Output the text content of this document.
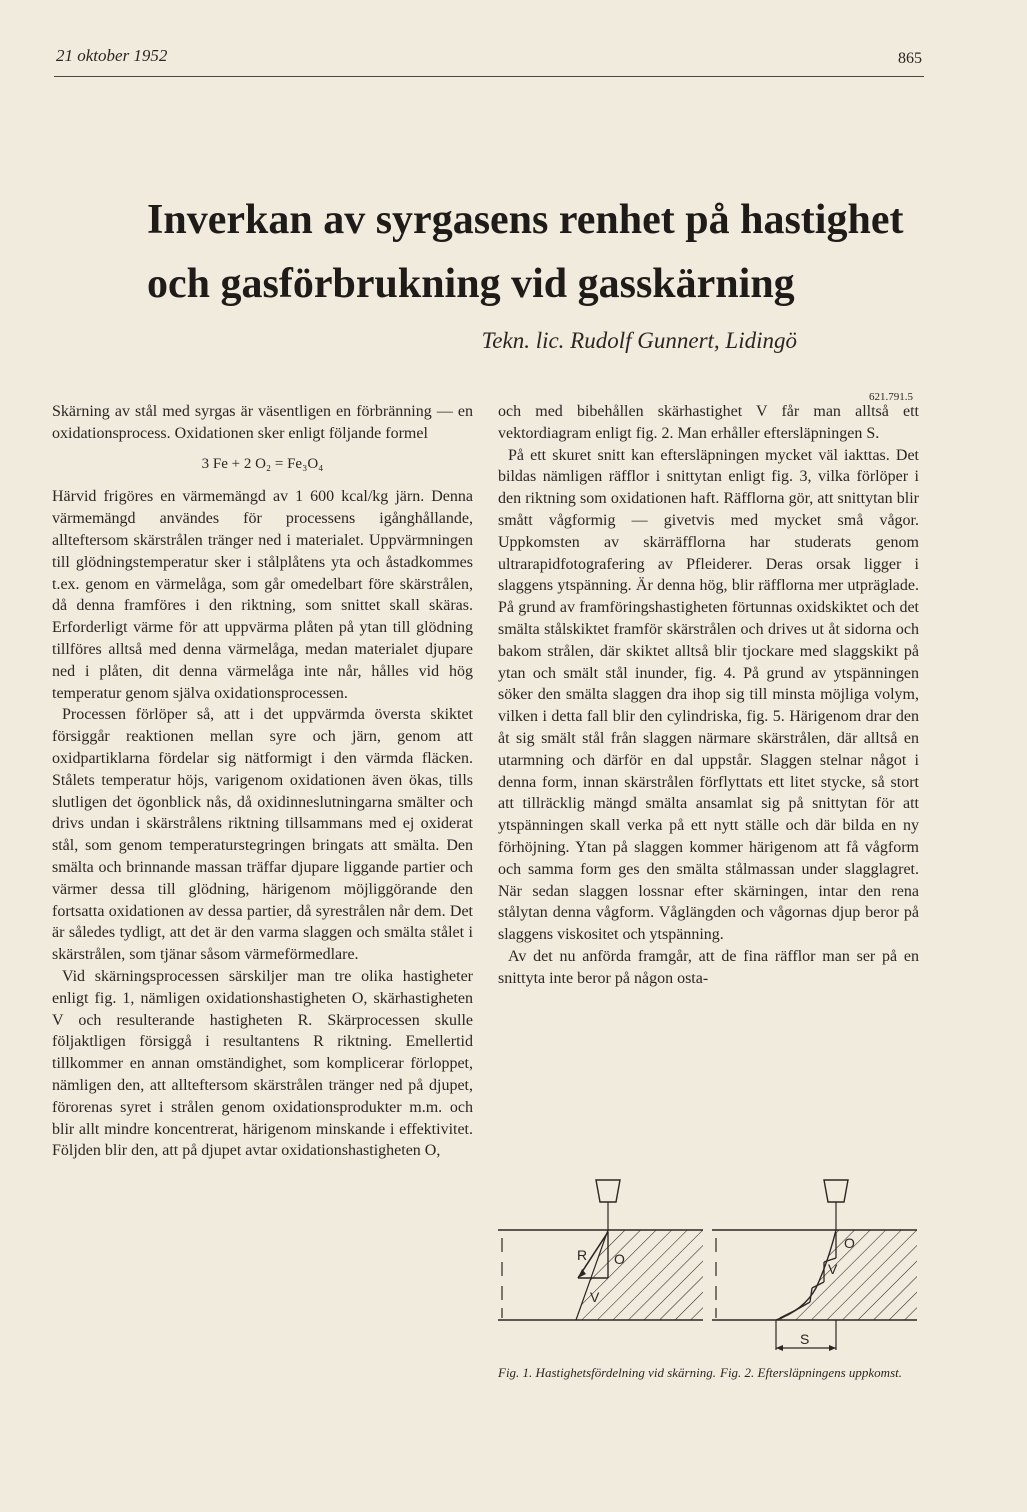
21 oktober 1952	865
Inverkan av syrgasens renhet på hastighet
och gasförbrukning vid gasskärning
Tekn. lic. Rudolf Gunnert, Lidingö
621.791.5

Skärning av stål med syrgas är väsentligen en förbränning — en oxidationsprocess. Oxidationen sker enligt följande formel

3 Fe + 2 O₂ = Fe₃O₄

Härvid frigöres en värmemängd av 1 600 kcal/kg järn. Denna värmemängd användes för processens igånghållande, allteftersom skärstrålen tränger ned i materialet. Uppvärmningen till glödningstemperatur sker i stålplåtens yta och åstadkommes t.ex. genom en värmelåga, som går omedelbart före skärstrålen, då denna framföres i den riktning, som snittet skall skäras. Erforderligt värme för att uppvärma plåten på ytan till glödning tillföres alltså med denna värmelåga, medan materialet djupare ned i plåten, dit denna värmelåga inte når, hålles vid hög temperatur genom själva oxidationsprocessen.

Processen förlöper så, att i det uppvärmda översta skiktet försiggår reaktionen mellan syre och järn, genom att oxidpartiklarna fördelar sig nätformigt i den värmda fläcken. Stålets temperatur höjs, varigenom oxidationen även ökas, tills slutligen det ögonblick nås, då oxidinneslutningarna smälter och drivs undan i skärstrålens riktning tillsammans med ej oxiderat stål, som genom temperaturstegringen bringats att smälta. Den smälta och brinnande massan träffar djupare liggande partier och värmer dessa till glödning, härigenom möjliggörande den fortsatta oxidationen av dessa partier, då syrestrålen når dem. Det är således tydligt, att det är den varma slaggen och smälta stålet i skärstrålen, som tjänar såsom värmeförmedlare.

Vid skärningsprocessen särskiljer man tre olika hastigheter enligt fig. 1, nämligen oxidationshastigheten O, skärhastigheten V och resulterande hastigheten R. Skärprocessen skulle följaktligen försiggå i resultantens R riktning. Emellertid tillkommer en annan omständighet, som komplicerar förloppet, nämligen den, att allteftersom skärstrålen tränger ned på djupet, förorenas syret i strålen genom oxidationsprodukter m.m. och blir allt mindre koncentrerat, härigenom minskande i effektivitet. Följden blir den, att på djupet avtar oxidationshastigheten O,

och med bibehållen skärhastighet V får man alltså ett vektordiagram enligt fig. 2. Man erhåller eftersläpningen S.

På ett skuret snitt kan eftersläpningen mycket väl iakttas. Det bildas nämligen räfflor i snittytan enligt fig. 3, vilka förlöper i den riktning som oxidationen haft. Räfflorna gör, att snittytan blir smått vågformig — givetvis med mycket små vågor. Uppkomsten av skärräfflorna har studerats genom ultrarapidfotografering av Pfleiderer. Deras orsak ligger i slaggens ytspänning. Är denna hög, blir räfflorna mer utpräglade. På grund av framföringshastigheten förtunnas oxidskiktet och det smälta stålskiktet framför skärstrålen och drives ut åt sidorna och bakom strålen, där skiktet alltså blir tjockare med slaggskikt på ytan och smält stål inunder, fig. 4. På grund av ytspänningen söker den smälta slaggen dra ihop sig till minsta möjliga volym, vilken i detta fall blir den cylindriska, fig. 5. Härigenom drar den åt sig smält stål från slaggen närmare skärstrålen, där alltså en utarmning och därför en dal uppstår. Slaggen stelnar något i denna form, innan skärstrålen förflyttats ett litet stycke, så stort att tillräcklig mängd smälta ansamlat sig på snittytan för att ytspänningen skall verka på ett nytt ställe och där bilda en ny förhöjning. Ytan på slaggen kommer härigenom att få vågform och samma form ges den smälta stålmassan under slagglagret. När sedan slaggen lossnar efter skärningen, intar den rena stålytan denna vågform. Våglängden och vågornas djup beror på slaggens viskositet och ytspänning.

Av det nu anförda framgår, att de fina räfflor man ser på en snittyta inte beror på någon osta-

R O
V
Fig. 1. Hastighetsfördelning vid skärning.
O
V
S
Fig. 2. Eftersläpningens uppkomst.
